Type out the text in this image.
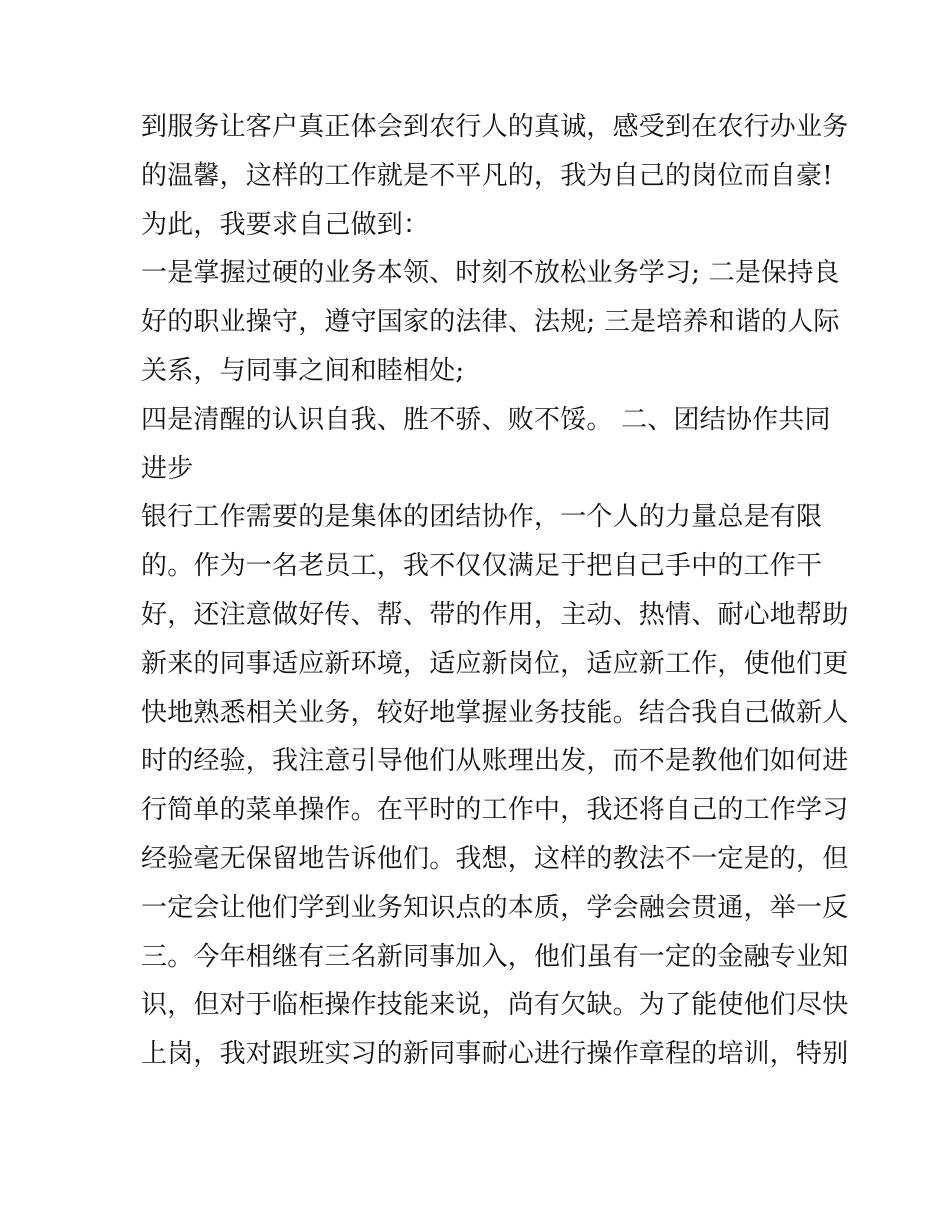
到服务让客户真正体会到农行人的真诚，感受到在农行办业务
的温馨，这样的工作就是不平凡的，我为自己的岗位而自豪!
为此，我要求自己做到：
一是掌握过硬的业务本领、时刻不放松业务学习; 二是保持良
好的职业操守，遵守国家的法律、法规; 三是培养和谐的人际
关系，与同事之间和睦相处;
四是清醒的认识自我、胜不骄、败不馁。 二、团结协作共同
进步
银行工作需要的是集体的团结协作，一个人的力量总是有限
的。作为一名老员工，我不仅仅满足于把自己手中的工作干
好，还注意做好传、帮、带的作用，主动、热情、耐心地帮助
新来的同事适应新环境，适应新岗位，适应新工作，使他们更
快地熟悉相关业务，较好地掌握业务技能。结合我自己做新人
时的经验，我注意引导他们从账理出发，而不是教他们如何进
行简单的菜单操作。在平时的工作中，我还将自己的工作学习
经验毫无保留地告诉他们。我想，这样的教法不一定是的，但
一定会让他们学到业务知识点的本质，学会融会贯通，举一反
三。今年相继有三名新同事加入，他们虽有一定的金融专业知
识，但对于临柜操作技能来说，尚有欠缺。为了能使他们尽快
上岗，我对跟班实习的新同事耐心进行操作章程的培训，特别
